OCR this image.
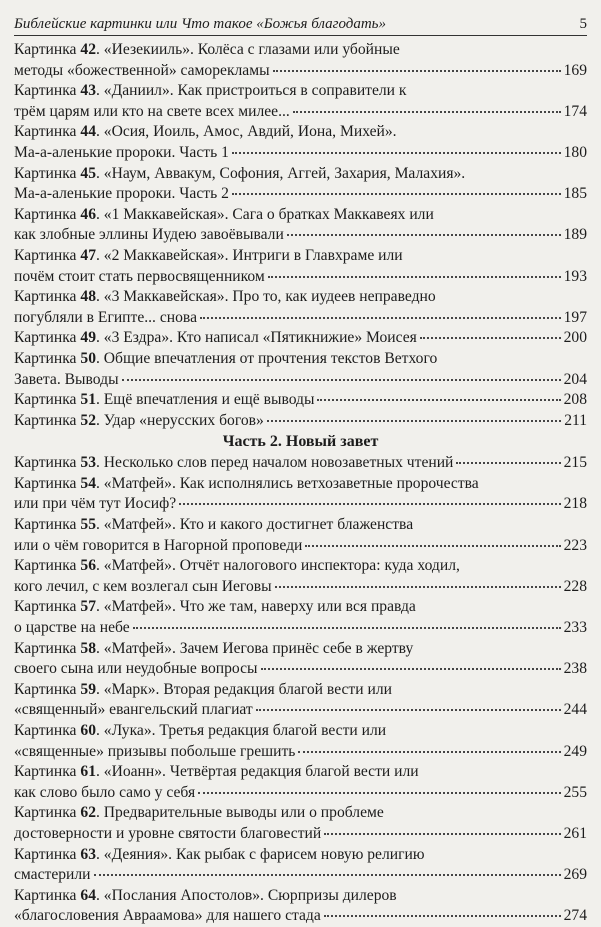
Библейские картинки или Что такое «Божья благодать»	5
Картинка 42. «Иезекииль». Колёса с глазами или убойные
методы «божественной» саморекламы	169
Картинка 43. «Даниил». Как пристроиться в соправители к
трём царям или кто на свете всех милее...	174
Картинка 44. «Осия, Иоиль, Амос, Авдий, Иона, Михей».
Ма-а-аленькие пророки. Часть 1	180
Картинка 45. «Наум, Аввакум, Софония, Аггей, Захария, Малахия».
Ма-а-аленькие пророки. Часть 2	185
Картинка 46. «1 Маккавейская». Сага о братках Маккавеях или
как злобные эллины Иудею завоёвывали	189
Картинка 47. «2 Маккавейская». Интриги в Главхраме или
почём стоит стать первосвященником	193
Картинка 48. «3 Маккавейская». Про то, как иудеев неправедно
погубляли в Египте... снова	197
Картинка 49. «3 Ездра». Кто написал «Пятикнижие» Моисея	200
Картинка 50. Общие впечатления от прочтения текстов Ветхого
Завета. Выводы	204
Картинка 51. Ещё впечатления и ещё выводы	208
Картинка 52. Удар «нерусских богов»	211
Часть 2. Новый завет
Картинка 53. Несколько слов перед началом новозаветных чтений	215
Картинка 54. «Матфей». Как исполнялись ветхозаветные пророчества
или при чём тут Иосиф?	218
Картинка 55. «Матфей». Кто и какого достигнет блаженства
или о чём говорится в Нагорной проповеди	223
Картинка 56. «Матфей». Отчёт налогового инспектора: куда ходил,
кого лечил, с кем возлегал сын Иеговы	228
Картинка 57. «Матфей». Что же там, наверху или вся правда
о царстве на небе	233
Картинка 58. «Матфей». Зачем Иегова принёс себе в жертву
своего сына или неудобные вопросы	238
Картинка 59. «Марк». Вторая редакция благой вести или
«священный» евангельский плагиат	244
Картинка 60. «Лука». Третья редакция благой вести или
«священные» призывы побольше грешить	249
Картинка 61. «Иоанн». Четвёртая редакция благой вести или
как слово было само у себя	255
Картинка 62. Предварительные выводы или о проблеме
достоверности и уровне святости благовестий	261
Картинка 63. «Деяния». Как рыбак с фарисем новую религию
смастерили	269
Картинка 64. «Послания Апостолов». Сюрпризы дилеров
«благословения Авраамова» для нашего стада	274
